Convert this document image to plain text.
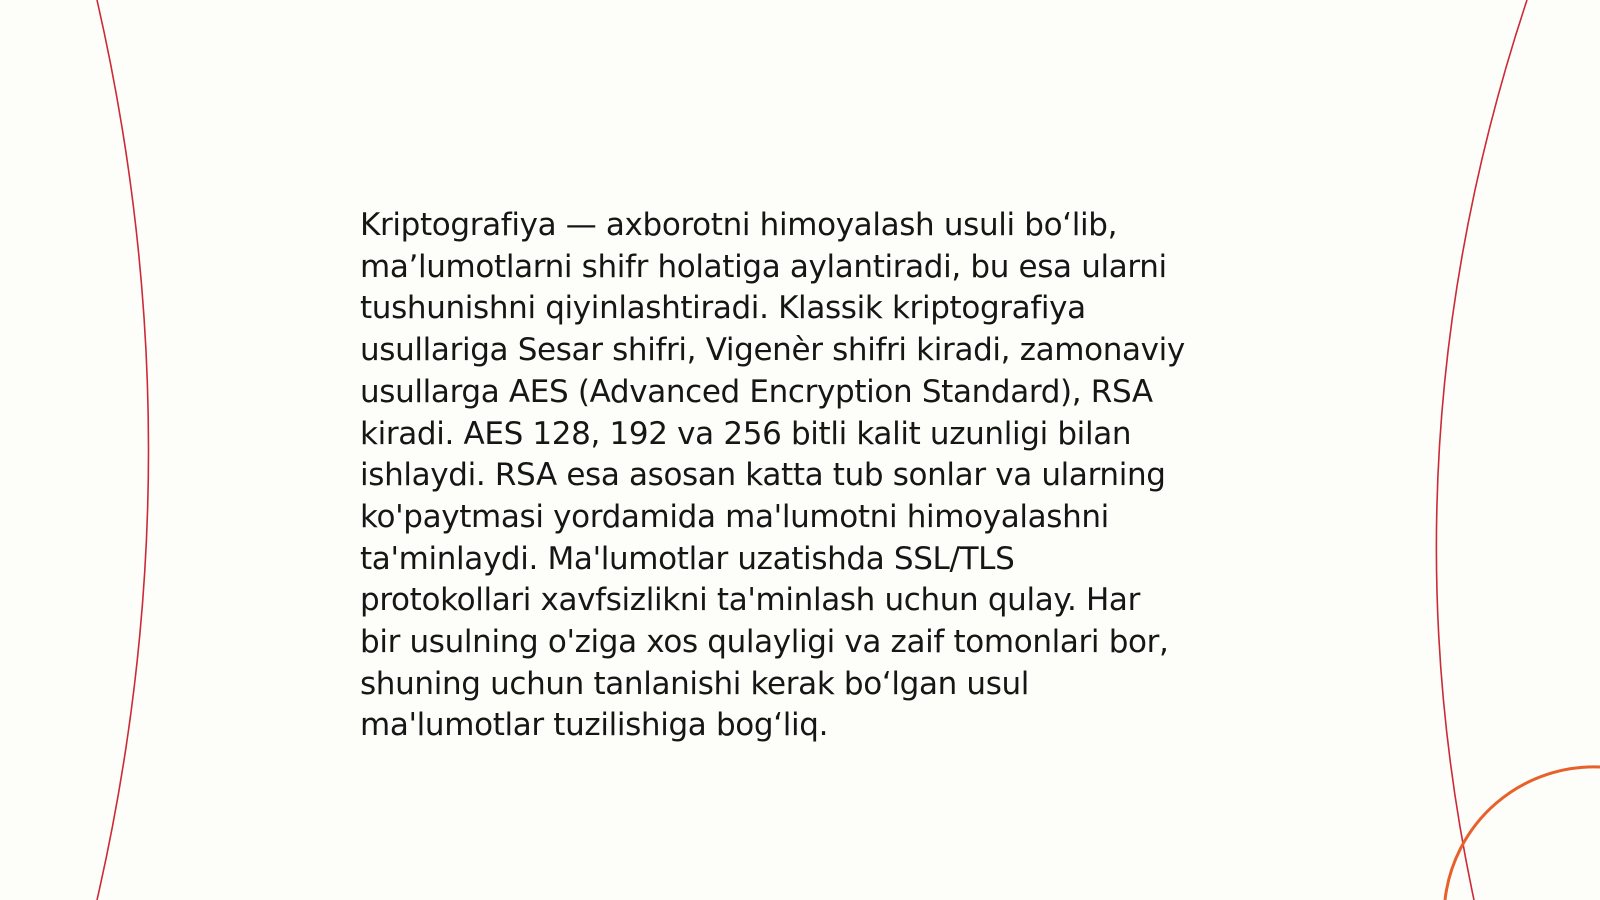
Kriptografiya — axborotni himoyalash usuli bo‘lib,
ma’lumotlarni shifr holatiga aylantiradi, bu esa ularni
tushunishni qiyinlashtiradi. Klassik kriptografiya
usullariga Sesar shifri, Vigenèr shifri kiradi, zamonaviy
usullarga AES (Advanced Encryption Standard), RSA
kiradi. AES 128, 192 va 256 bitli kalit uzunligi bilan
ishlaydi. RSA esa asosan katta tub sonlar va ularning
ko'paytmasi yordamida ma'lumotni himoyalashni
ta'minlaydi. Ma'lumotlar uzatishda SSL/TLS
protokollari xavfsizlikni ta'minlash uchun qulay. Har
bir usulning o'ziga xos qulayligi va zaif tomonlari bor,
shuning uchun tanlanishi kerak bo‘lgan usul
ma'lumotlar tuzilishiga bog‘liq.
